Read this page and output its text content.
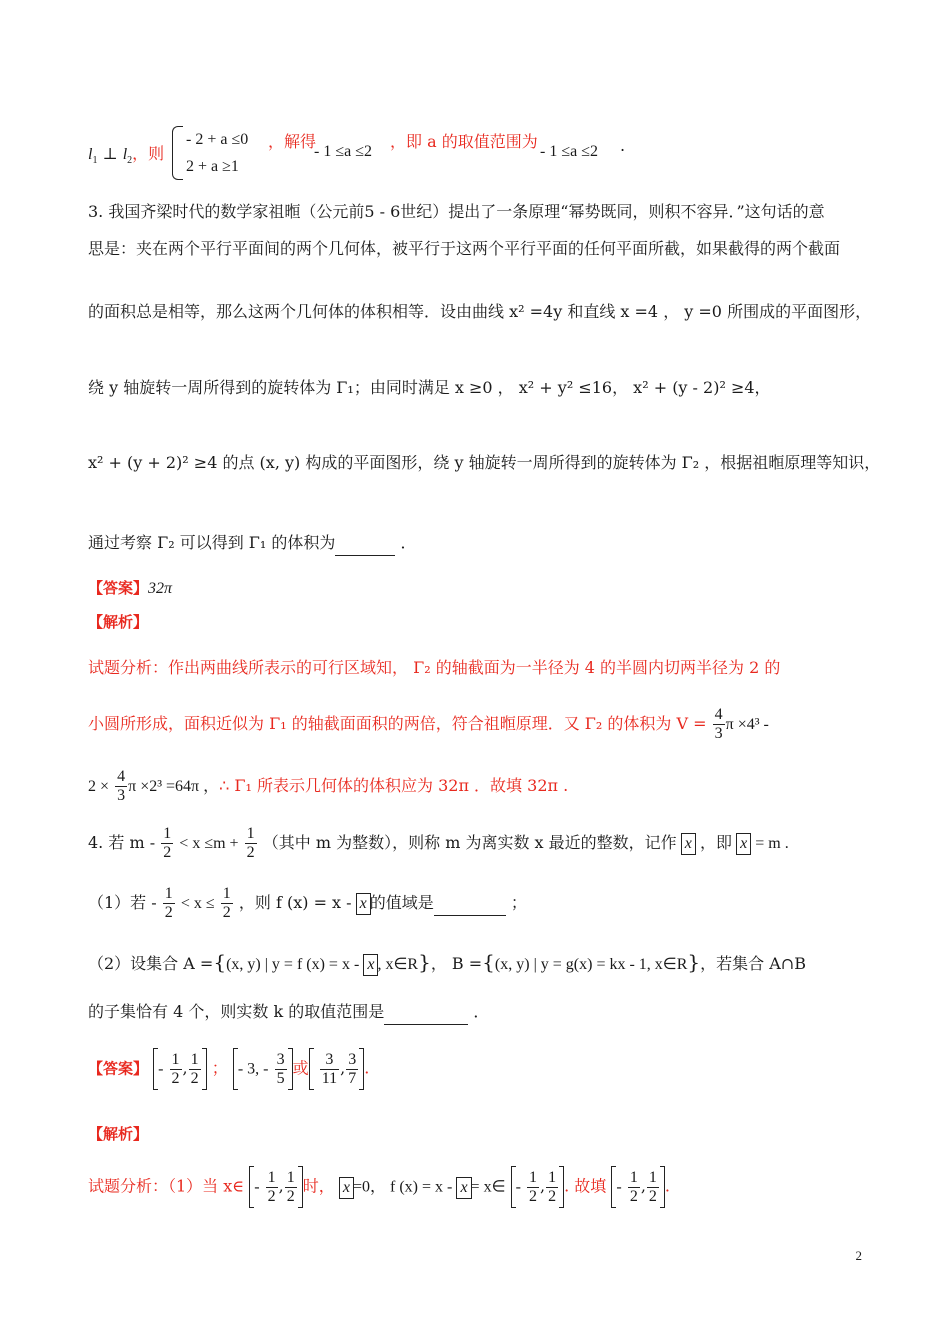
$l_1$ ⊥ $l_2$，则
- 2 + a ≤0
2 + a ≥1
，解得
- 1 ≤a ≤2
，即 a 的取值范围为
- 1 ≤a ≤2 .
3. 我国齐梁时代的数学家祖暅（公元前5 - 6世纪）提出了一条原理“幂势既同，则积不容异．”这句话的意
思是：夹在两个平行平面间的两个几何体，被平行于这两个平行平面的任何平面所截，如果截得的两个截面
的面积总是相等，那么这两个几何体的体积相等．设由曲线 x² =4y 和直线 x =4 ， y =0 所围成的平面图形，
绕 y 轴旋转一周所得到的旋转体为 Γ₁；由同时满足 x ≥0 ， x² + y² ≤16， x² + (y - 2)² ≥4，
x² + (y + 2)² ≥4 的点 (x, y) 构成的平面图形，绕 y 轴旋转一周所得到的旋转体为 Γ₂ ，根据祖暅原理等知识，
通过考察 Γ₂ 可以得到 Γ₁ 的体积为	．
【答案】32π
【解析】
试题分析：作出两曲线所表示的可行区域知， Γ₂ 的轴截面为一半径为 4 的半圆内切两半径为 2 的
小圆所形成，面积近似为 Γ₁ 的轴截面面积的两倍，符合祖暅原理．又 Γ₂ 的体积为 $V = \frac{4}{3}$ π ×4³ -
$2 \times \frac{4}{3}$ π ×2³ =64π ，∴ Γ₁ 所表示几何体的体积应为 32π ．故填 32π .
4. 若 $m - \frac{1}{2} < x \le m + \frac{1}{2}$ （其中 m 为整数），则称 m 为离实数 x 最近的整数，记作 x ，即 x = m .
（1）若 - $\frac{1}{2} < x \le \frac{1}{2}$ ，则 f (x) = x - x 的值域是	；
（2）设集合 A ={(x, y) | y = f (x) = x - x , x∈R}， B ={(x, y) | y = g(x) = kx - 1, x∈R}，若集合 A∩B
的子集恰有 4 个，则实数 k 的取值范围是	．
【答案】 - $\frac{1}{2}$ , $\frac{1}{2}$ ； - 3, - $\frac{3}{5}$ 或 $\frac{3}{11}$ , $\frac{3}{7}$ .
【解析】
试题分析：（1）当 x∈ - $\frac{1}{2}$ , $\frac{1}{2}$ 时， x =0， f (x) = x - x = x∈ - $\frac{1}{2}$ , $\frac{1}{2}$ . 故填 - $\frac{1}{2}$ , $\frac{1}{2}$ .
2
